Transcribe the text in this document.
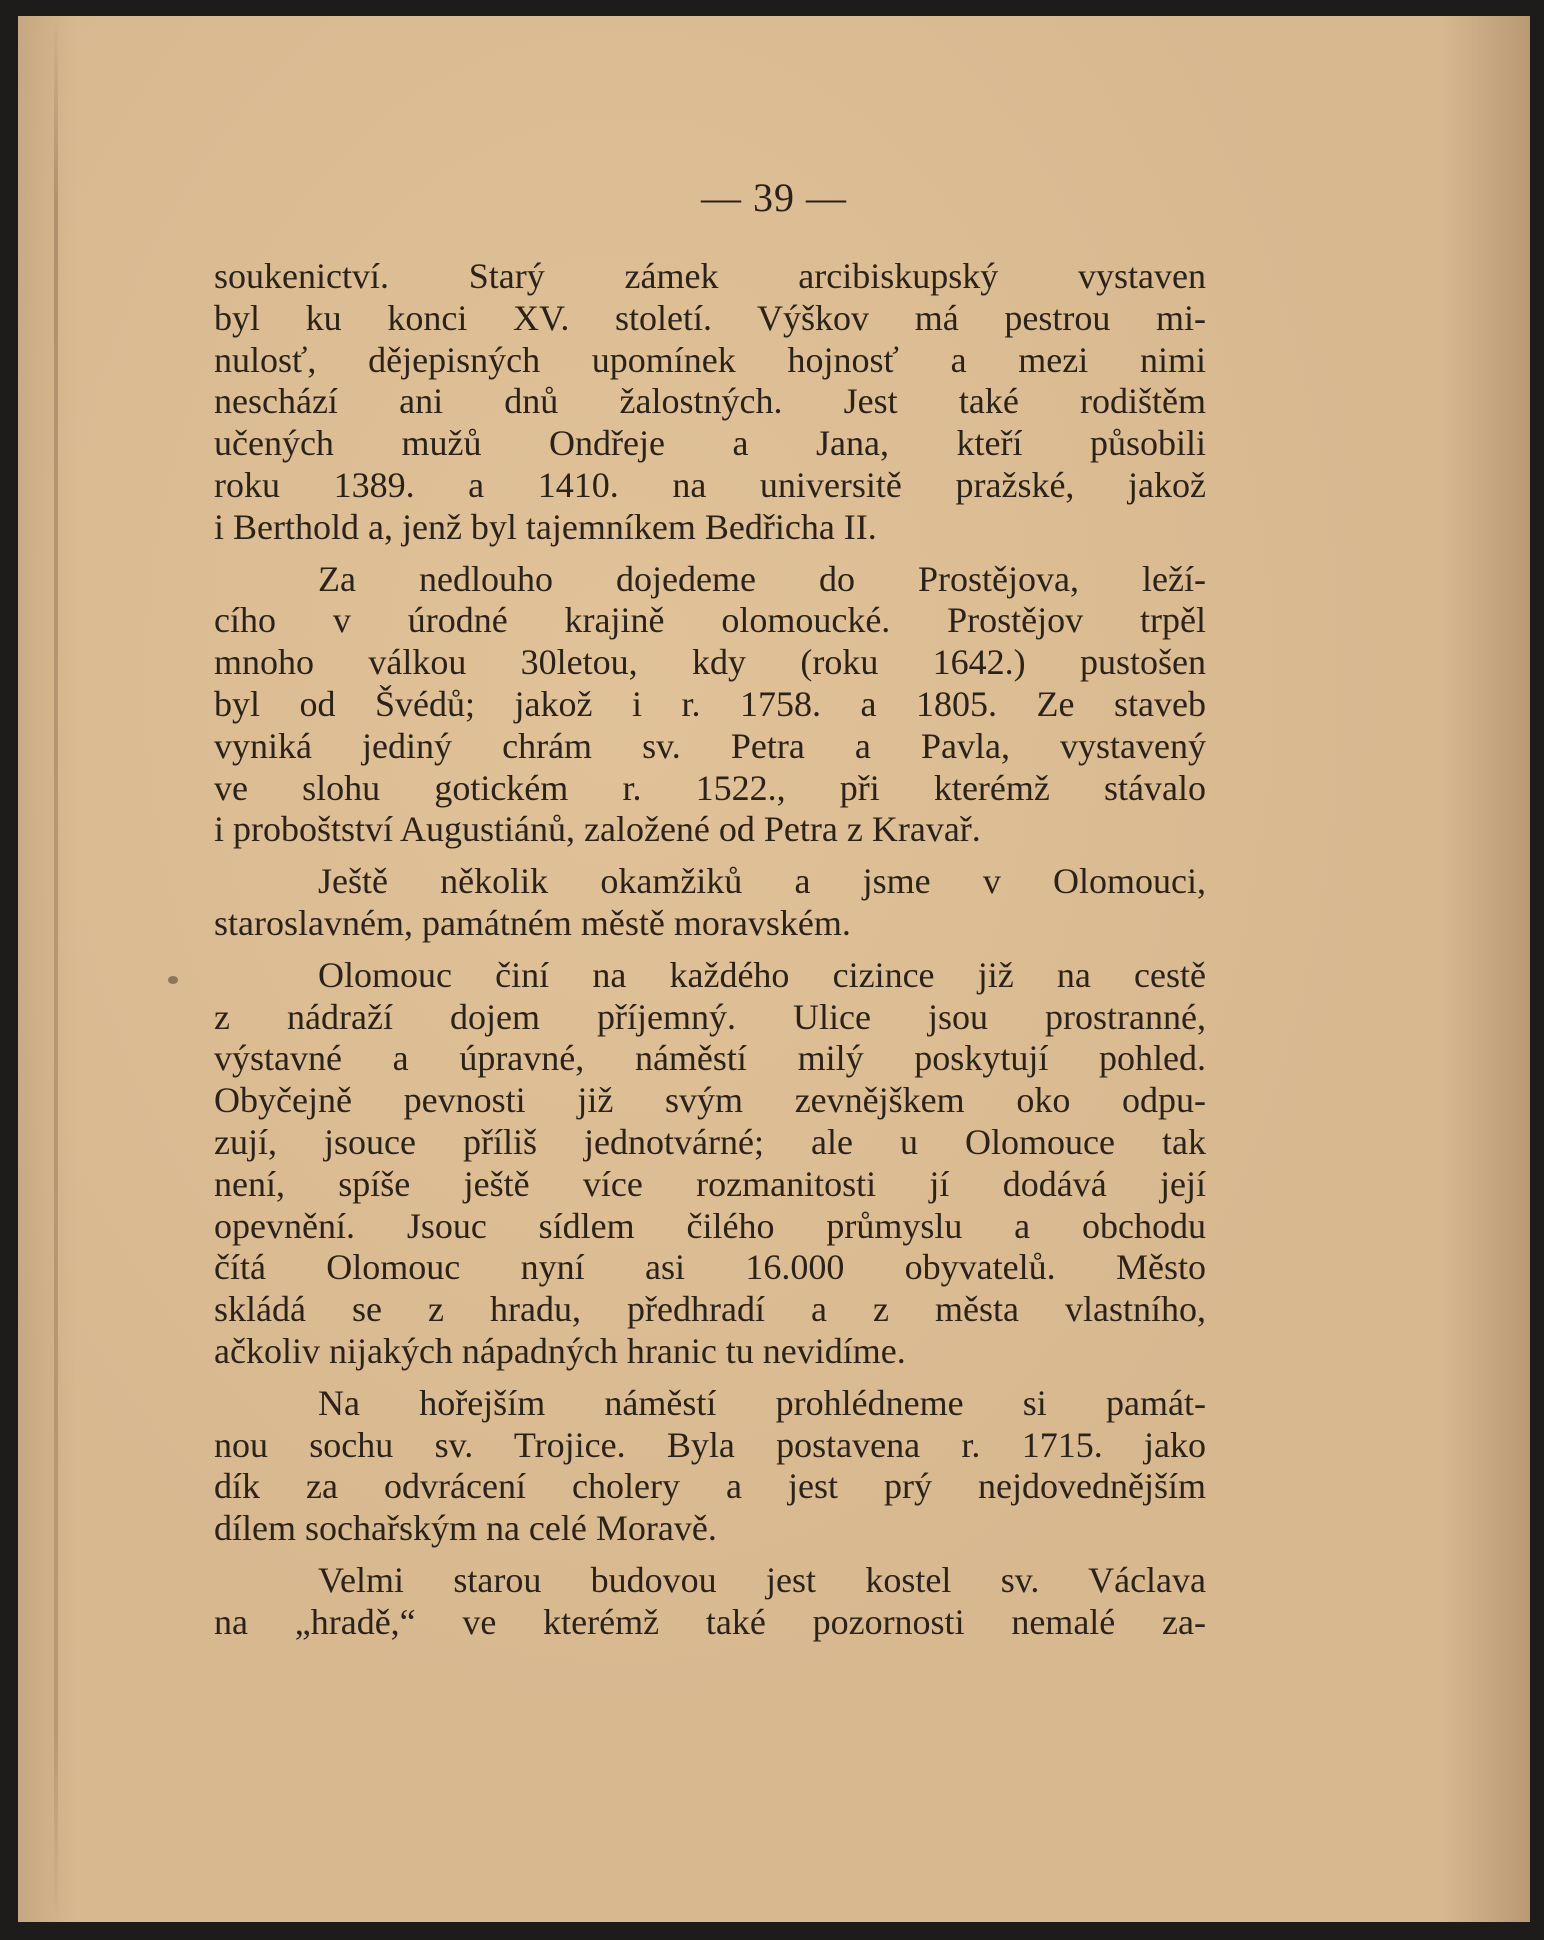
— 39 —
soukenictví. Starý zámek arcibiskupský vystaven
byl ku konci XV. století. Výškov má pestrou mi-
nulosť, dějepisných upomínek hojnosť a mezi nimi
neschází ani dnů žalostných. Jest také rodištěm
učených mužů Ondřeje a Jana, kteří působili
roku 1389. a 1410. na universitě pražské, jakož
i Berthold a, jenž byl tajemníkem Bedřicha II.
Za nedlouho dojedeme do Prostějova, leží-
cího v úrodné krajině olomoucké. Prostějov trpěl
mnoho válkou 30letou, kdy (roku 1642.) pustošen
byl od Švédů; jakož i r. 1758. a 1805. Ze staveb
vyniká jediný chrám sv. Petra a Pavla, vystavený
ve slohu gotickém r. 1522., při kterémž stávalo
i proboštství Augustiánů, založené od Petra z Kravař.
Ještě několik okamžiků a jsme v Olomouci,
staroslavném, památném městě moravském.
Olomouc činí na každého cizince již na cestě
z nádraží dojem příjemný. Ulice jsou prostranné,
výstavné a úpravné, náměstí milý poskytují pohled.
Obyčejně pevnosti již svým zevnějškem oko odpu-
zují, jsouce příliš jednotvárné; ale u Olomouce tak
není, spíše ještě více rozmanitosti jí dodává její
opevnění. Jsouc sídlem čilého průmyslu a obchodu
čítá Olomouc nyní asi 16.000 obyvatelů. Město
skládá se z hradu, předhradí a z města vlastního,
ačkoliv nijakých nápadných hranic tu nevidíme.
Na hořejším náměstí prohlédneme si památ-
nou sochu sv. Trojice. Byla postavena r. 1715. jako
dík za odvrácení cholery a jest prý nejdovednějším
dílem sochařským na celé Moravě.
Velmi starou budovou jest kostel sv. Václava
na „hradě,“ ve kterémž také pozornosti nemalé za-
